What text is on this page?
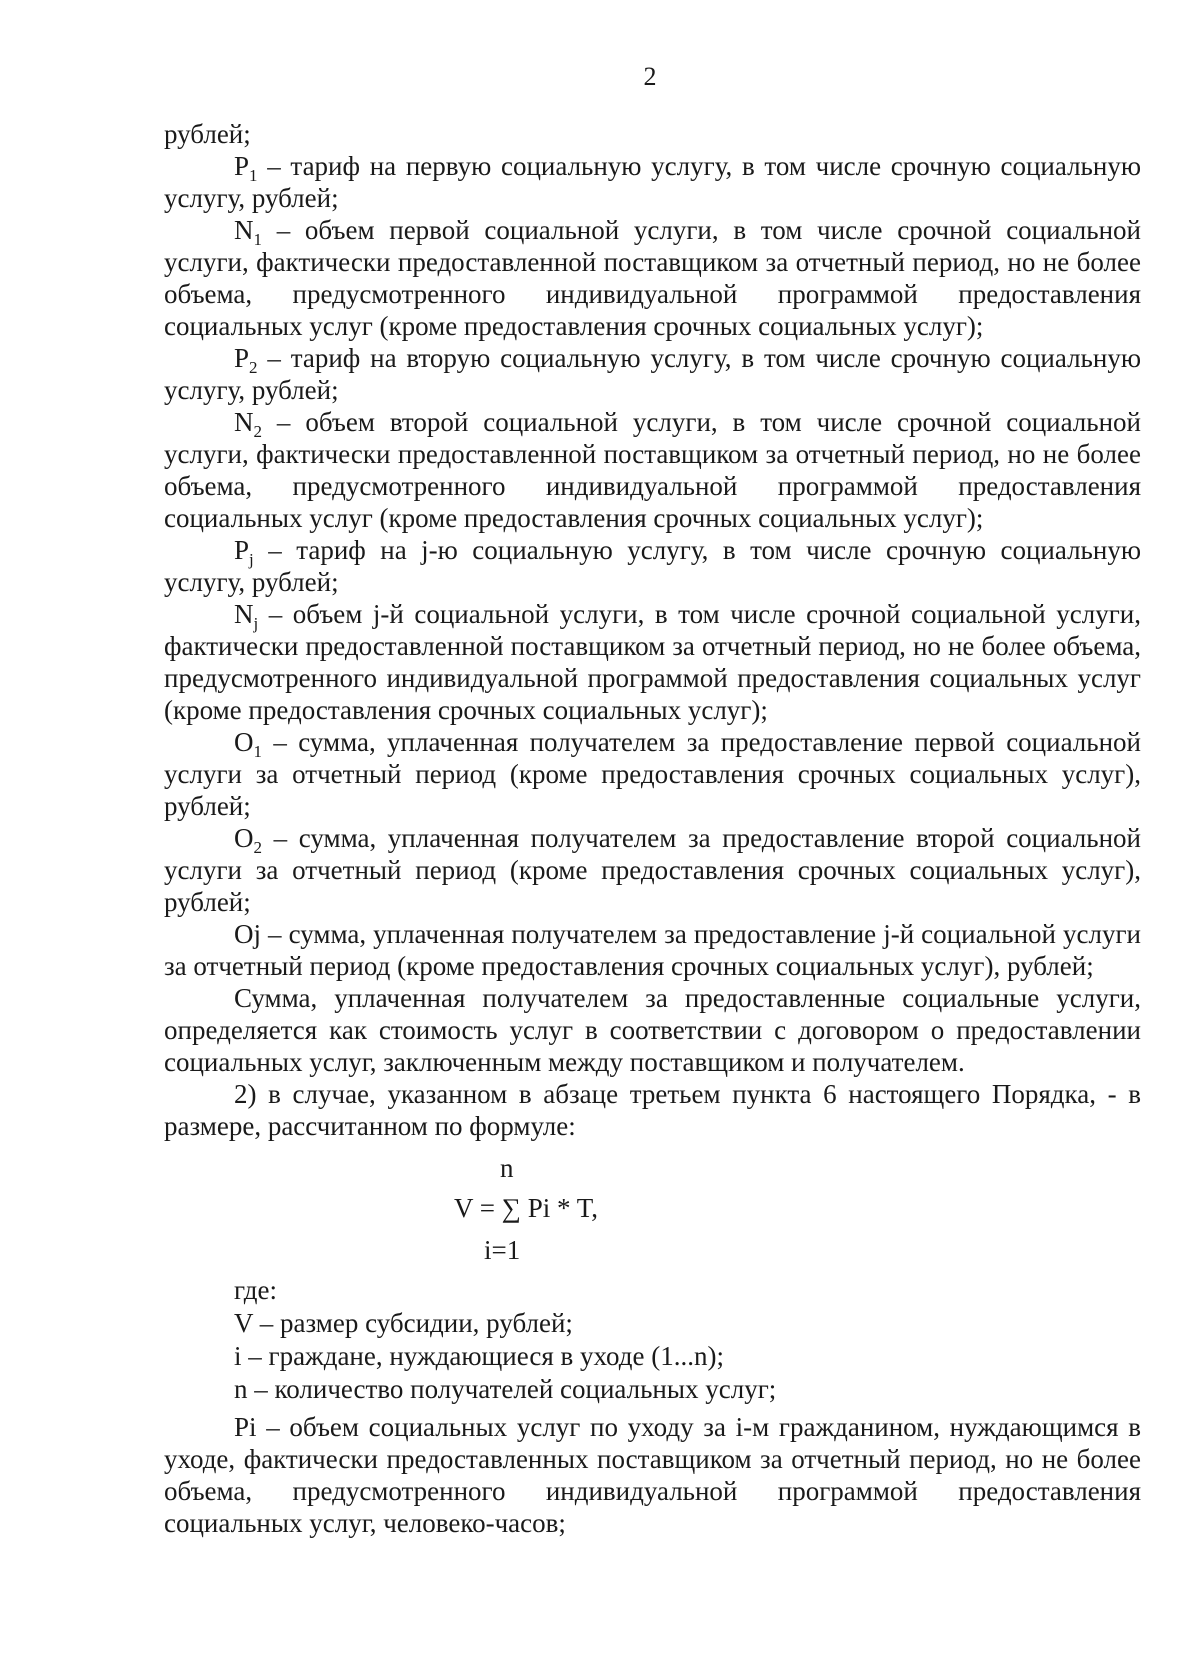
2

рублей;

$P_1$ – тариф на первую социальную услугу, в том числе срочную социальную услугу, рублей;

$N_1$ – объем первой социальной услуги, в том числе срочной социальной услуги, фактически предоставленной поставщиком за отчетный период, но не более объема, предусмотренного индивидуальной программой предоставления социальных услуг (кроме предоставления срочных социальных услуг);

$P_2$ – тариф на вторую социальную услугу, в том числе срочную социальную услугу, рублей;

$N_2$ – объем второй социальной услуги, в том числе срочной социальной услуги, фактически предоставленной поставщиком за отчетный период, но не более объема, предусмотренного индивидуальной программой предоставления социальных услуг (кроме предоставления срочных социальных услуг);

$P_j$ – тариф на j-ю социальную услугу, в том числе срочную социальную услугу, рублей;

$N_j$ – объем j-й социальной услуги, в том числе срочной социальной услуги, фактически предоставленной поставщиком за отчетный период, но не более объема, предусмотренного индивидуальной программой предоставления социальных услуг (кроме предоставления срочных социальных услуг);

$O_1$ – сумма, уплаченная получателем за предоставление первой социальной услуги за отчетный период (кроме предоставления срочных социальных услуг), рублей;

$O_2$ – сумма, уплаченная получателем за предоставление второй социальной услуги за отчетный период (кроме предоставления срочных социальных услуг), рублей;

Oj – сумма, уплаченная получателем за предоставление j-й социальной услуги за отчетный период (кроме предоставления срочных социальных услуг), рублей;

Сумма, уплаченная получателем за предоставленные социальные услуги, определяется как стоимость услуг в соответствии с договором о предоставлении социальных услуг, заключенным между поставщиком и получателем.

2) в случае, указанном в абзаце третьем пункта 6 настоящего Порядка, - в размере, рассчитанном по формуле:

n
V = ∑ Pi * T,
i=1

где:

V – размер субсидии, рублей;

i – граждане, нуждающиеся в уходе (1...n);

n – количество получателей социальных услуг;

Pi – объем социальных услуг по уходу за i-м гражданином, нуждающимся в уходе, фактически предоставленных поставщиком за отчетный период, но не более объема, предусмотренного индивидуальной программой предоставления социальных услуг, человеко-часов;
